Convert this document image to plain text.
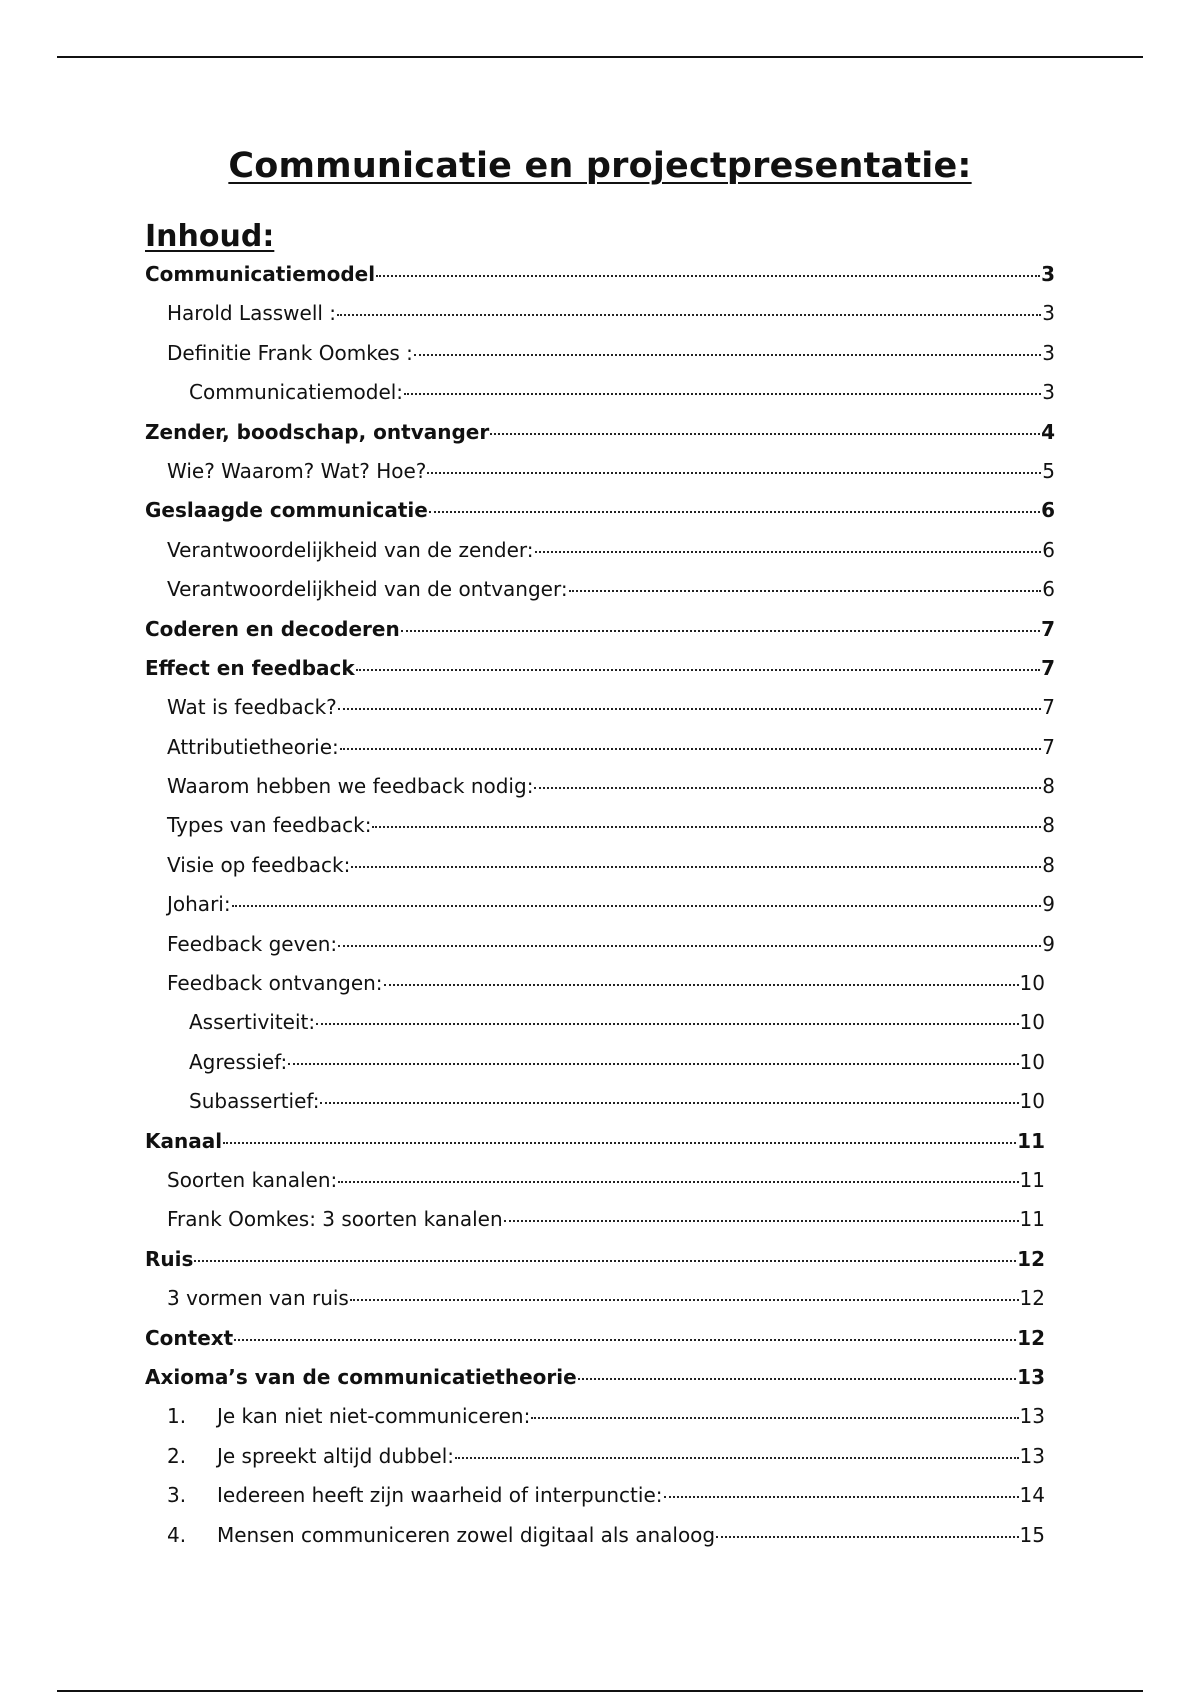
Communicatie en projectpresentatie:
Inhoud:
Communicatiemodel	3
Harold Lasswell :	3
Definitie Frank Oomkes :	3
Communicatiemodel:	3
Zender, boodschap, ontvanger	4
Wie? Waarom? Wat? Hoe?	5
Geslaagde communicatie	6
Verantwoordelijkheid van de zender:	6
Verantwoordelijkheid van de ontvanger:	6
Coderen en decoderen	7
Effect en feedback	7
Wat is feedback?	7
Attributietheorie:	7
Waarom hebben we feedback nodig:	8
Types van feedback:	8
Visie op feedback:	8
Johari:	9
Feedback geven:	9
Feedback ontvangen:	10
Assertiviteit:	10
Agressief:	10
Subassertief:	10
Kanaal	11
Soorten kanalen:	11
Frank Oomkes: 3 soorten kanalen	11
Ruis	12
3 vormen van ruis	12
Context	12
Axioma’s van de communicatietheorie	13
1.	Je kan niet niet-communiceren:	13
2.	Je spreekt altijd dubbel:	13
3.	Iedereen heeft zijn waarheid of interpunctie:	14
4.	Mensen communiceren zowel digitaal als analoog	15
